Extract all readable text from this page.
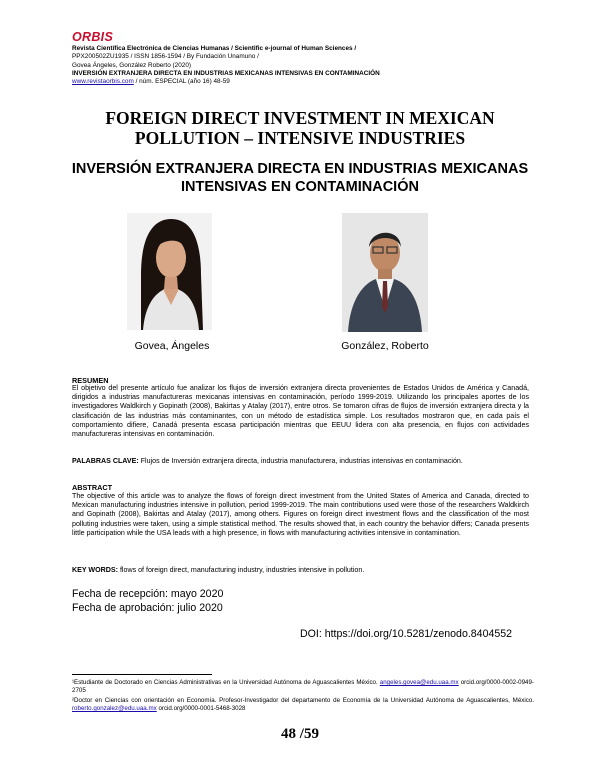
ORBIS
Revista Científica Electrónica de Ciencias Humanas / Scientific e-journal of Human Sciences /
PPX200502ZU1935 / ISSN 1856-1594 / By Fundación Unamuno /
Govea Ángeles, González Roberto (2020)
INVERSIÓN EXTRANJERA DIRECTA EN INDUSTRIAS MEXICANAS INTENSIVAS EN CONTAMINACIÓN
www.revistaorbis.com / núm. ESPECIAL (año 16) 48-59
FOREIGN DIRECT INVESTMENT IN MEXICAN POLLUTION – INTENSIVE INDUSTRIES
INVERSIÓN EXTRANJERA DIRECTA EN INDUSTRIAS MEXICANAS INTENSIVAS EN CONTAMINACIÓN
Govea, Ángeles	González, Roberto
RESUMEN
El objetivo del presente artículo fue analizar los flujos de inversión extranjera directa provenientes de Estados Unidos de América y Canadá, dirigidos a industrias manufactureras mexicanas intensivas en contaminación, período 1999-2019. Utilizando los principales aportes de los investigadores Waldkirch y Gopinath (2008), Bakirtas y Atalay (2017), entre otros. Se tomaron cifras de flujos de inversión extranjera directa y la clasificación de las industrias más contaminantes, con un método de estadística simple. Los resultados mostraron que, en cada país el comportamiento difiere, Canadá presenta escasa participación mientras que EEUU lidera con alta presencia, en flujos con actividades manufactureras intensivas en contaminación.
PALABRAS CLAVE: Flujos de Inversión extranjera directa, industria manufacturera, industrias intensivas en contaminación.
ABSTRACT
The objective of this article was to analyze the flows of foreign direct investment from the United States of America and Canada, directed to Mexican manufacturing industries intensive in pollution, period 1999-2019. The main contributions used were those of the researchers Waldkirch and Gopinath (2008), Bakirtas and Atalay (2017), among others. Figures on foreign direct investment flows and the classification of the most polluting industries were taken, using a simple statistical method. The results showed that, in each country the behavior differs; Canada presents little participation while the USA leads with a high presence, in flows with manufacturing activities intensive in contamination.
KEY WORDS: flows of foreign direct, manufacturing industry, industries intensive in pollution.
Fecha de recepción: mayo 2020
Fecha de aprobación: julio 2020
DOI: https://doi.org/10.5281/zenodo.8404552
¹Estudiante de Doctorado en Ciencias Administrativas en la Universidad Autónoma de Aguascalientes México. angeles.govea@edu.uaa.mx orcid.org/0000-0002-0949-2705
²Doctor en Ciencias con orientación en Economía. Profesor-Investigador del departamento de Economía de la Universidad Autónoma de Aguascalientes, México. roberto.gonzalez@edu.uaa.mx orcid.org/0000-0001-5468-3028
48 /59
